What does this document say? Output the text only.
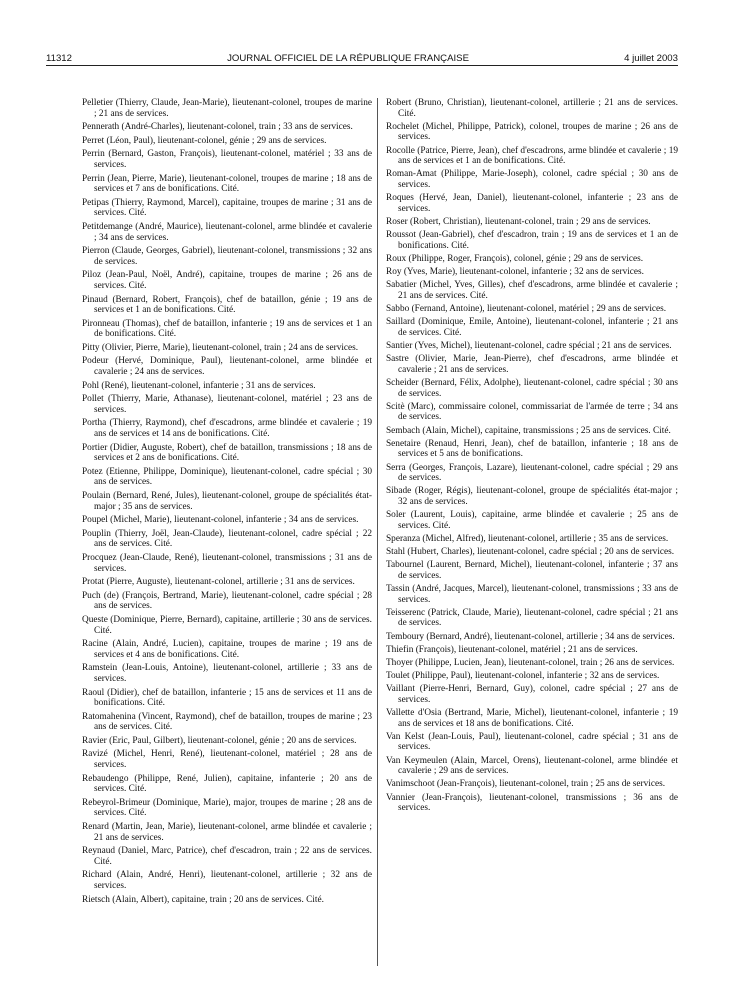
11312	JOURNAL OFFICIEL DE LA RÉPUBLIQUE FRANÇAISE	4 juillet 2003

Pelletier (Thierry, Claude, Jean-Marie), lieutenant-colonel, troupes de marine ; 21 ans de services.

Pennerath (André-Charles), lieutenant-colonel, train ; 33 ans de services.

Perret (Léon, Paul), lieutenant-colonel, génie ; 29 ans de services.

Perrin (Bernard, Gaston, François), lieutenant-colonel, matériel ; 33 ans de services.

Perrin (Jean, Pierre, Marie), lieutenant-colonel, troupes de marine ; 18 ans de services et 7 ans de bonifications. Cité.

Petipas (Thierry, Raymond, Marcel), capitaine, troupes de marine ; 31 ans de services. Cité.

Petitdemange (André, Maurice), lieutenant-colonel, arme blindée et cavalerie ; 34 ans de services.

Pierron (Claude, Georges, Gabriel), lieutenant-colonel, transmissions ; 32 ans de services.

Piloz (Jean-Paul, Noël, André), capitaine, troupes de marine ; 26 ans de services. Cité.

Pinaud (Bernard, Robert, François), chef de bataillon, génie ; 19 ans de services et 1 an de bonifications. Cité.

Pironneau (Thomas), chef de bataillon, infanterie ; 19 ans de services et 1 an de bonifications. Cité.

Pitty (Olivier, Pierre, Marie), lieutenant-colonel, train ; 24 ans de services.

Podeur (Hervé, Dominique, Paul), lieutenant-colonel, arme blindée et cavalerie ; 24 ans de services.

Pohl (René), lieutenant-colonel, infanterie ; 31 ans de services.

Pollet (Thierry, Marie, Athanase), lieutenant-colonel, matériel ; 23 ans de services.

Portha (Thierry, Raymond), chef d'escadrons, arme blindée et cavalerie ; 19 ans de services et 14 ans de bonifications. Cité.

Portier (Didier, Auguste, Robert), chef de bataillon, transmissions ; 18 ans de services et 2 ans de bonifications. Cité.

Potez (Etienne, Philippe, Dominique), lieutenant-colonel, cadre spécial ; 30 ans de services.

Poulain (Bernard, René, Jules), lieutenant-colonel, groupe de spécialités état-major ; 35 ans de services.

Poupel (Michel, Marie), lieutenant-colonel, infanterie ; 34 ans de services.

Pouplin (Thierry, Joël, Jean-Claude), lieutenant-colonel, cadre spécial ; 22 ans de services. Cité.

Procquez (Jean-Claude, René), lieutenant-colonel, transmissions ; 31 ans de services.

Protat (Pierre, Auguste), lieutenant-colonel, artillerie ; 31 ans de services.

Puch (de) (François, Bertrand, Marie), lieutenant-colonel, cadre spécial ; 28 ans de services.

Queste (Dominique, Pierre, Bernard), capitaine, artillerie ; 30 ans de services. Cité.

Racine (Alain, André, Lucien), capitaine, troupes de marine ; 19 ans de services et 4 ans de bonifications. Cité.

Ramstein (Jean-Louis, Antoine), lieutenant-colonel, artillerie ; 33 ans de services.

Raoul (Didier), chef de bataillon, infanterie ; 15 ans de services et 11 ans de bonifications. Cité.

Ratomahenina (Vincent, Raymond), chef de bataillon, troupes de marine ; 23 ans de services. Cité.

Ravier (Eric, Paul, Gilbert), lieutenant-colonel, génie ; 20 ans de services.

Ravizé (Michel, Henri, René), lieutenant-colonel, matériel ; 28 ans de services.

Rebaudengo (Philippe, René, Julien), capitaine, infanterie ; 20 ans de services. Cité.

Rebeyrol-Brimeur (Dominique, Marie), major, troupes de marine ; 28 ans de services. Cité.

Renard (Martin, Jean, Marie), lieutenant-colonel, arme blindée et cavalerie ; 21 ans de services.

Reynaud (Daniel, Marc, Patrice), chef d'escadron, train ; 22 ans de services. Cité.

Richard (Alain, André, Henri), lieutenant-colonel, artillerie ; 32 ans de services.

Rietsch (Alain, Albert), capitaine, train ; 20 ans de services. Cité.

Robert (Bruno, Christian), lieutenant-colonel, artillerie ; 21 ans de services. Cité.

Rochelet (Michel, Philippe, Patrick), colonel, troupes de marine ; 26 ans de services.

Rocolle (Patrice, Pierre, Jean), chef d'escadrons, arme blindée et cavalerie ; 19 ans de services et 1 an de bonifications. Cité.

Roman-Amat (Philippe, Marie-Joseph), colonel, cadre spécial ; 30 ans de services.

Roques (Hervé, Jean, Daniel), lieutenant-colonel, infanterie ; 23 ans de services.

Roser (Robert, Christian), lieutenant-colonel, train ; 29 ans de services.

Roussot (Jean-Gabriel), chef d'escadron, train ; 19 ans de services et 1 an de bonifications. Cité.

Roux (Philippe, Roger, François), colonel, génie ; 29 ans de services.

Roy (Yves, Marie), lieutenant-colonel, infanterie ; 32 ans de services.

Sabatier (Michel, Yves, Gilles), chef d'escadrons, arme blindée et cavalerie ; 21 ans de services. Cité.

Sabbo (Fernand, Antoine), lieutenant-colonel, matériel ; 29 ans de services.

Saillard (Dominique, Emile, Antoine), lieutenant-colonel, infanterie ; 21 ans de services. Cité.

Santier (Yves, Michel), lieutenant-colonel, cadre spécial ; 21 ans de services.

Sastre (Olivier, Marie, Jean-Pierre), chef d'escadrons, arme blindée et cavalerie ; 21 ans de services.

Scheider (Bernard, Félix, Adolphe), lieutenant-colonel, cadre spécial ; 30 ans de services.

Scitè (Marc), commissaire colonel, commissariat de l'armée de terre ; 34 ans de services.

Sembach (Alain, Michel), capitaine, transmissions ; 25 ans de services. Cité.

Senetaire (Renaud, Henri, Jean), chef de bataillon, infanterie ; 18 ans de services et 5 ans de bonifications.

Serra (Georges, François, Lazare), lieutenant-colonel, cadre spécial ; 29 ans de services.

Sibade (Roger, Régis), lieutenant-colonel, groupe de spécialités état-major ; 32 ans de services.

Soler (Laurent, Louis), capitaine, arme blindée et cavalerie ; 25 ans de services. Cité.

Speranza (Michel, Alfred), lieutenant-colonel, artillerie ; 35 ans de services.

Stahl (Hubert, Charles), lieutenant-colonel, cadre spécial ; 20 ans de services.

Tabournel (Laurent, Bernard, Michel), lieutenant-colonel, infanterie ; 37 ans de services.

Tassin (André, Jacques, Marcel), lieutenant-colonel, transmissions ; 33 ans de services.

Teisserenc (Patrick, Claude, Marie), lieutenant-colonel, cadre spécial ; 21 ans de services.

Temboury (Bernard, André), lieutenant-colonel, artillerie ; 34 ans de services.

Thiefin (François), lieutenant-colonel, matériel ; 21 ans de services.

Thoyer (Philippe, Lucien, Jean), lieutenant-colonel, train ; 26 ans de services.

Toulet (Philippe, Paul), lieutenant-colonel, infanterie ; 32 ans de services.

Vaillant (Pierre-Henri, Bernard, Guy), colonel, cadre spécial ; 27 ans de services.

Vallette d'Osia (Bertrand, Marie, Michel), lieutenant-colonel, infanterie ; 19 ans de services et 18 ans de bonifications. Cité.

Van Kelst (Jean-Louis, Paul), lieutenant-colonel, cadre spécial ; 31 ans de services.

Van Keymeulen (Alain, Marcel, Orens), lieutenant-colonel, arme blindée et cavalerie ; 29 ans de services.

Vanimschoot (Jean-François), lieutenant-colonel, train ; 25 ans de services.

Vannier (Jean-François), lieutenant-colonel, transmissions ; 36 ans de services.
